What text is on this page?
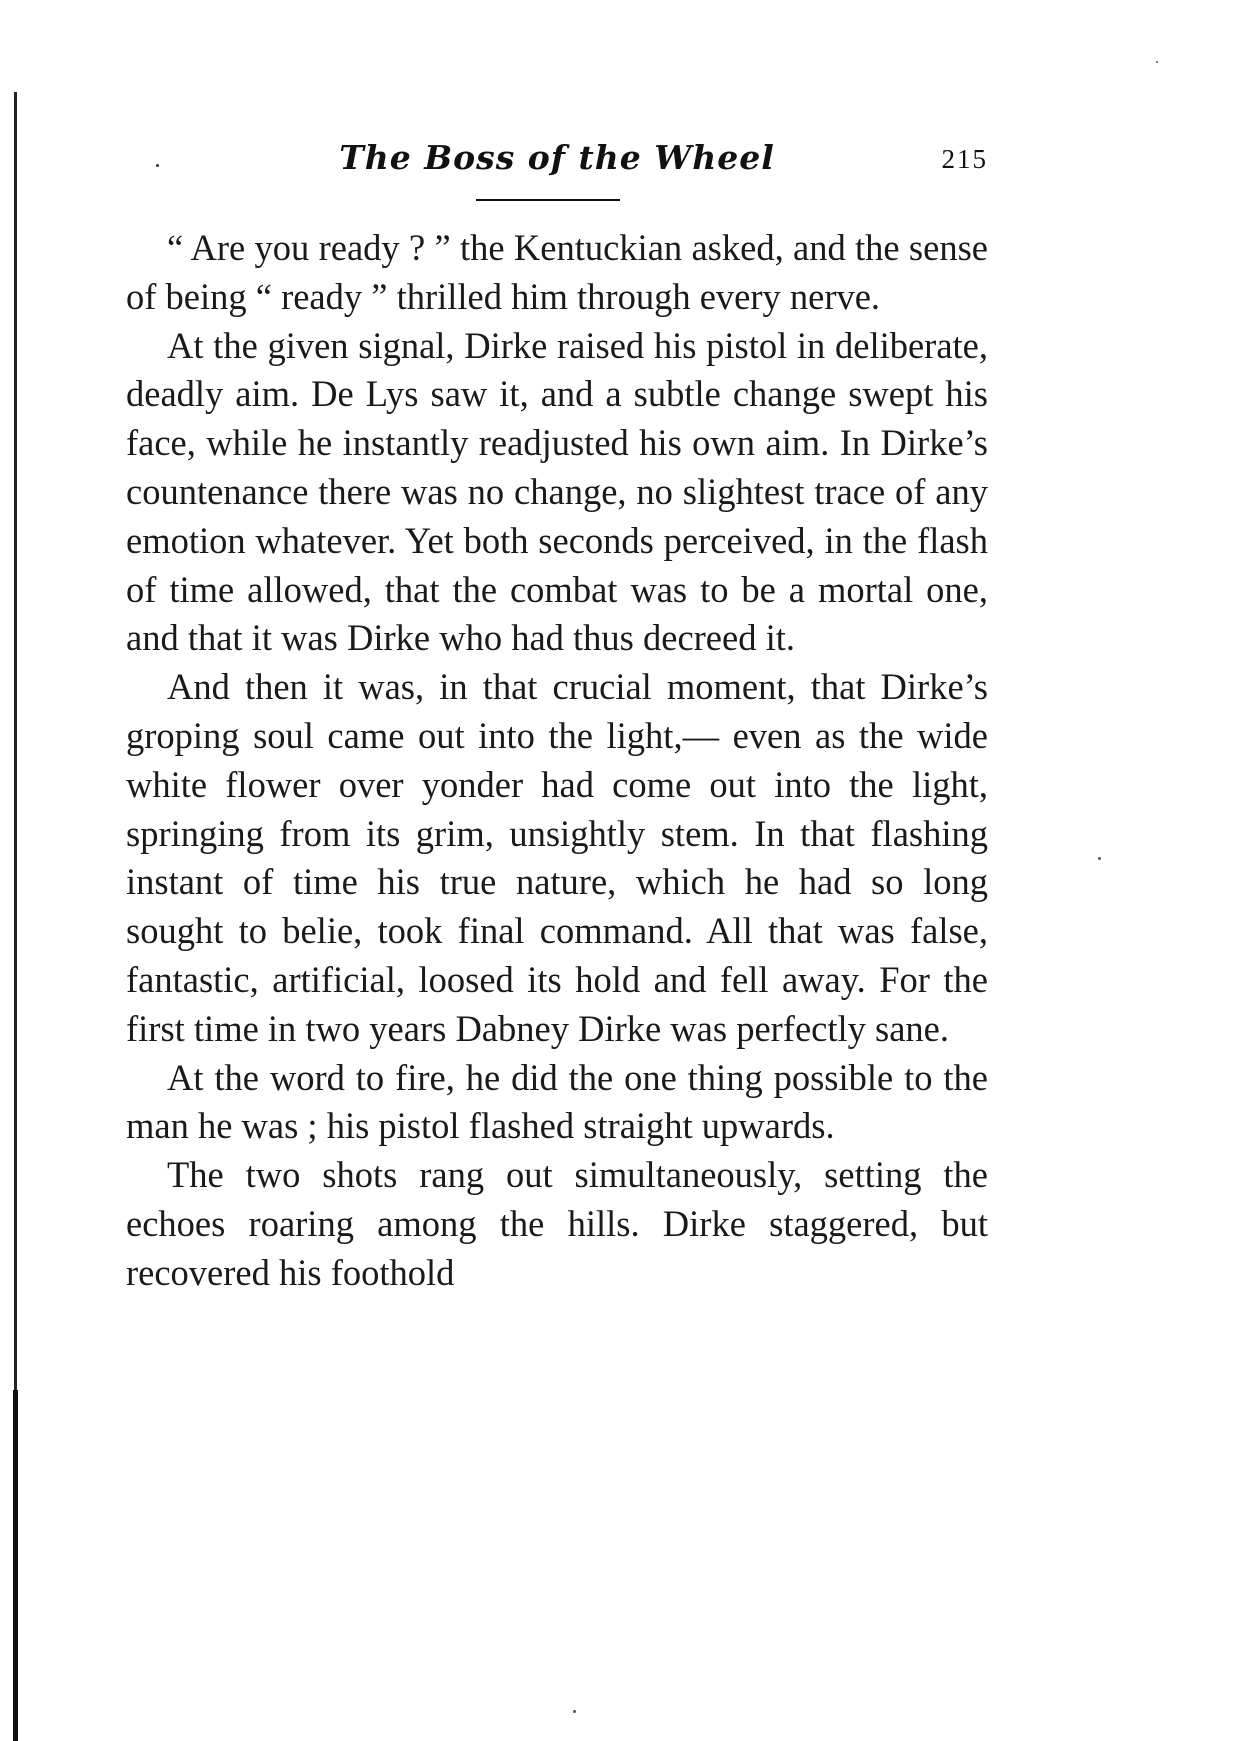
The Boss of the Wheel	215

“ Are you ready ? ” the Kentuckian asked, and the sense of being “ ready ” thrilled him through every nerve.

At the given signal, Dirke raised his pistol in deliberate, deadly aim. De Lys saw it, and a subtle change swept his face, while he instantly readjusted his own aim. In Dirke’s countenance there was no change, no slightest trace of any emotion whatever. Yet both seconds perceived, in the flash of time allowed, that the combat was to be a mortal one, and that it was Dirke who had thus decreed it.

And then it was, in that crucial moment, that Dirke’s groping soul came out into the light,— even as the wide white flower over yonder had come out into the light, springing from its grim, unsightly stem. In that flashing instant of time his true nature, which he had so long sought to belie, took final command. All that was false, fantastic, artificial, loosed its hold and fell away. For the first time in two years Dabney Dirke was perfectly sane.

At the word to fire, he did the one thing possible to the man he was ; his pistol flashed straight upwards.

The two shots rang out simultaneously, setting the echoes roaring among the hills. Dirke staggered, but recovered his foothold
